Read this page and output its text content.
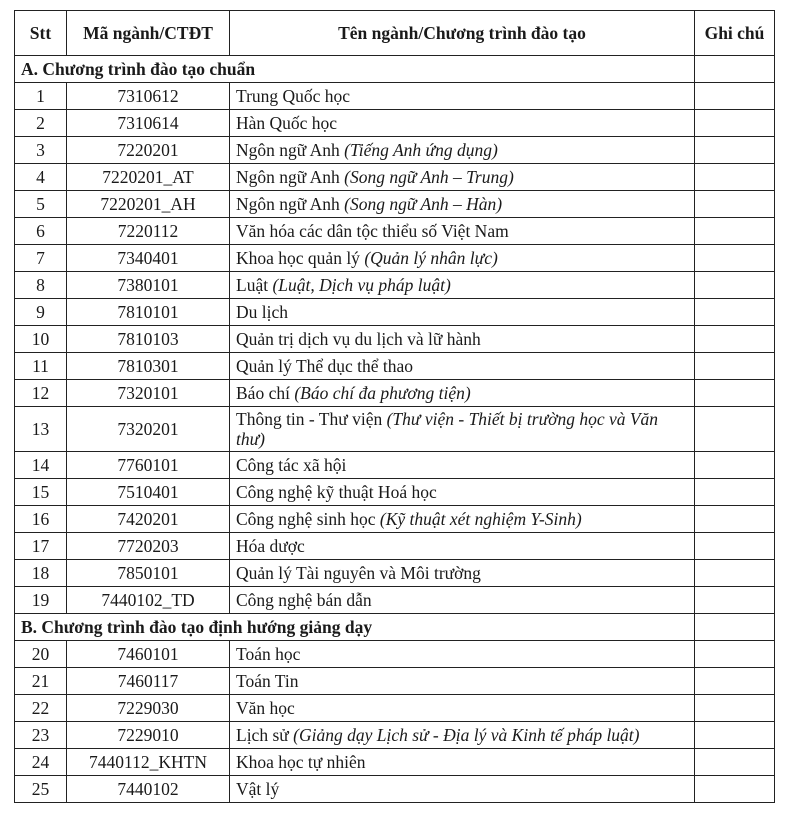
Stt	Mã ngành/CTĐT	Tên ngành/Chương trình đào tạo	Ghi chú
A. Chương trình đào tạo chuẩn			
1	7310612	Trung Quốc học	
2	7310614	Hàn Quốc học	
3	7220201	Ngôn ngữ Anh (Tiếng Anh ứng dụng)	
4	7220201_AT	Ngôn ngữ Anh (Song ngữ Anh – Trung)	
5	7220201_AH	Ngôn ngữ Anh (Song ngữ Anh – Hàn)	
6	7220112	Văn hóa các dân tộc thiểu số Việt Nam	
7	7340401	Khoa học quản lý (Quản lý nhân lực)	
8	7380101	Luật (Luật, Dịch vụ pháp luật)	
9	7810101	Du lịch	
10	7810103	Quản trị dịch vụ du lịch và lữ hành	
11	7810301	Quản lý Thể dục thể thao	
12	7320101	Báo chí (Báo chí đa phương tiện)	
13	7320201	Thông tin - Thư viện (Thư viện - Thiết bị trường học và Văn thư)	
14	7760101	Công tác xã hội	
15	7510401	Công nghệ kỹ thuật Hoá học	
16	7420201	Công nghệ sinh học (Kỹ thuật xét nghiệm Y-Sinh)	
17	7720203	Hóa dược	
18	7850101	Quản lý Tài nguyên và Môi trường	
19	7440102_TD	Công nghệ bán dẫn	
B. Chương trình đào tạo định hướng giảng dạy			
20	7460101	Toán học	
21	7460117	Toán Tin	
22	7229030	Văn học	
23	7229010	Lịch sử (Giảng dạy Lịch sử - Địa lý và Kinh tế pháp luật)	
24	7440112_KHTN	Khoa học tự nhiên	
25	7440102	Vật lý	
